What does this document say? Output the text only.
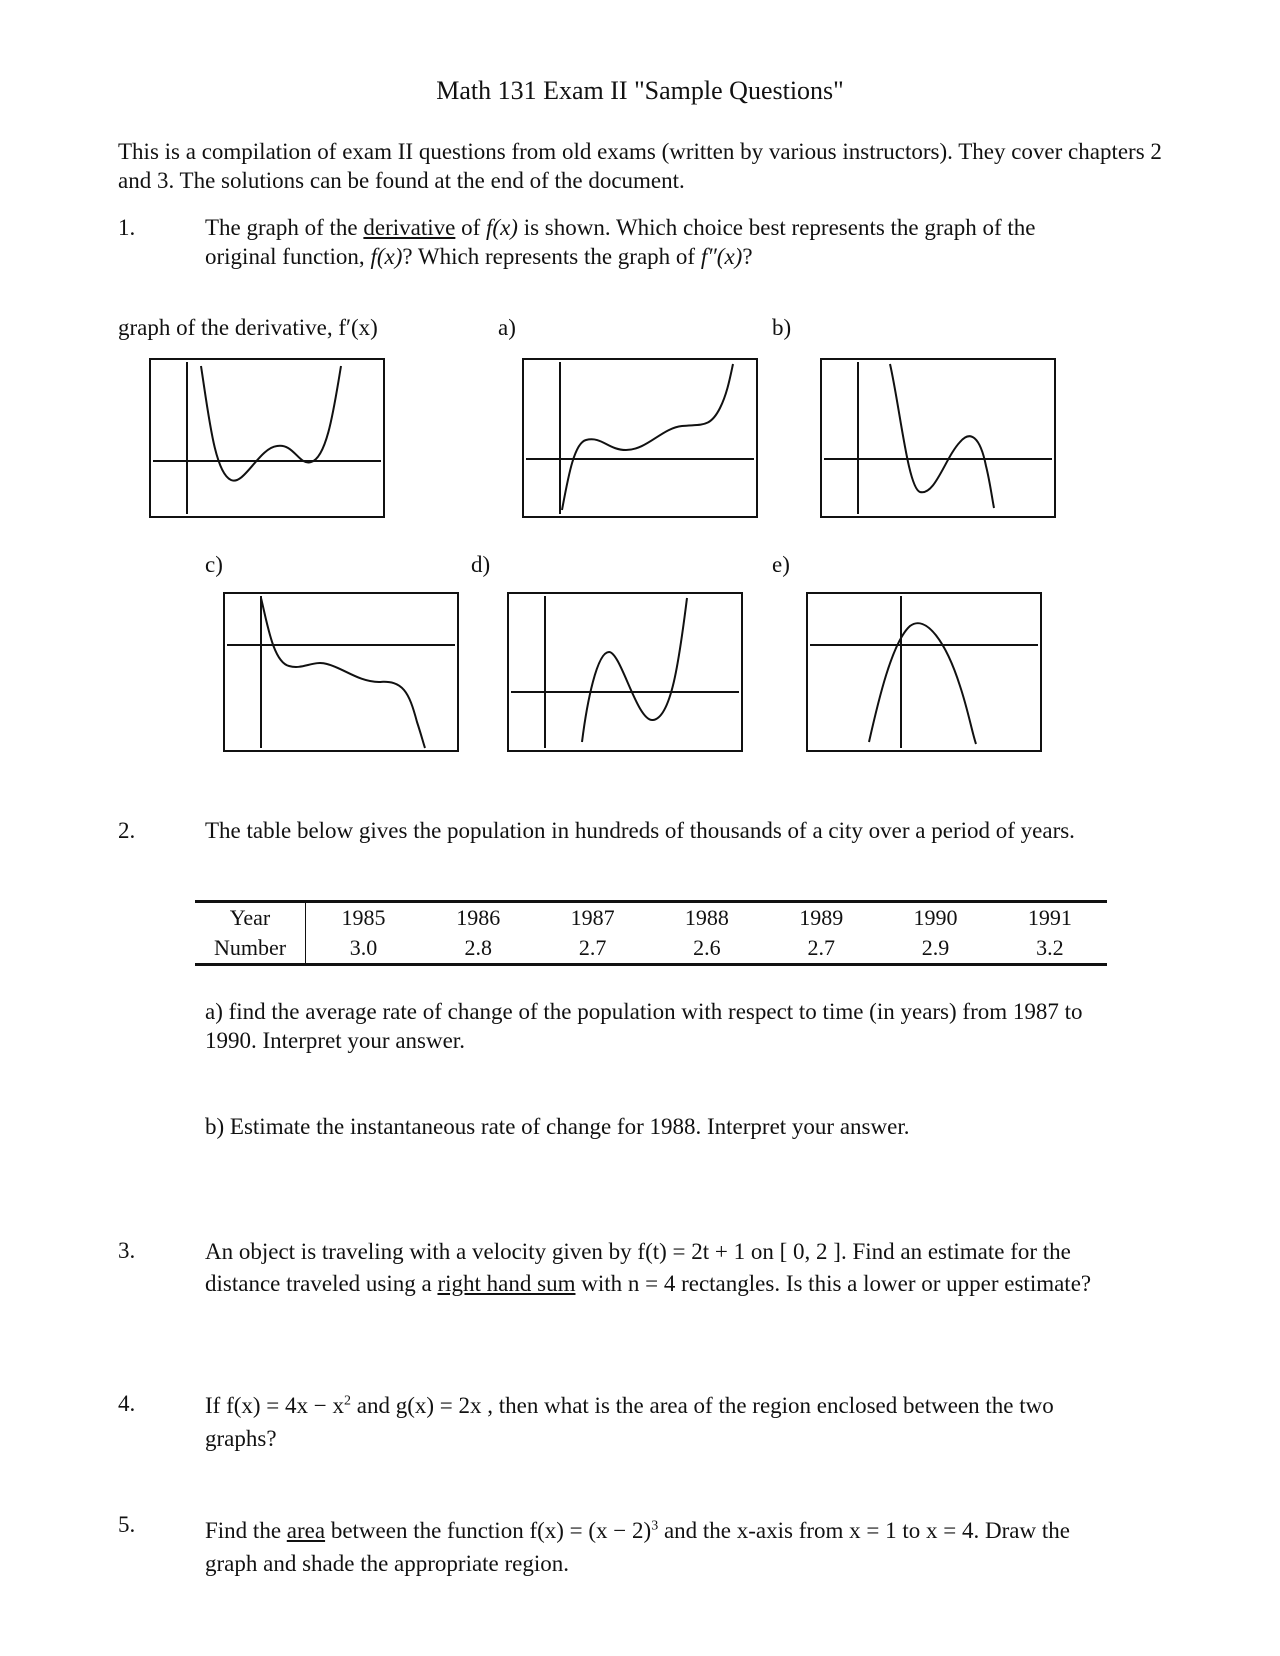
Math 131 Exam II "Sample Questions"
This is a compilation of exam II questions from old exams (written by various instructors). They cover chapters 2 and 3. The solutions can be found at the end of the document.
1.	The graph of the derivative of f(x) is shown. Which choice best represents the graph of the original function, f(x)? Which represents the graph of f″(x)?
graph of the derivative, f′(x)	a)	b)
c)	d)	e)
2.	The table below gives the population in hundreds of thousands of a city over a period of years.
Year	1985	1986	1987	1988	1989	1990	1991
Number	3.0	2.8	2.7	2.6	2.7	2.9	3.2
a) find the average rate of change of the population with respect to time (in years) from 1987 to 1990. Interpret your answer.
b) Estimate the instantaneous rate of change for 1988. Interpret your answer.
3.	An object is traveling with a velocity given by f(t) = 2t + 1 on [ 0, 2 ]. Find an estimate for the distance traveled using a right hand sum with n = 4 rectangles. Is this a lower or upper estimate?
4.	If $f(x) = 4x - x^2$ and g(x) = 2x , then what is the area of the region enclosed between the two graphs?
5.	Find the area between the function $f(x) = (x - 2)^3$ and the x-axis from x = 1 to x = 4. Draw the graph and shade the appropriate region.
